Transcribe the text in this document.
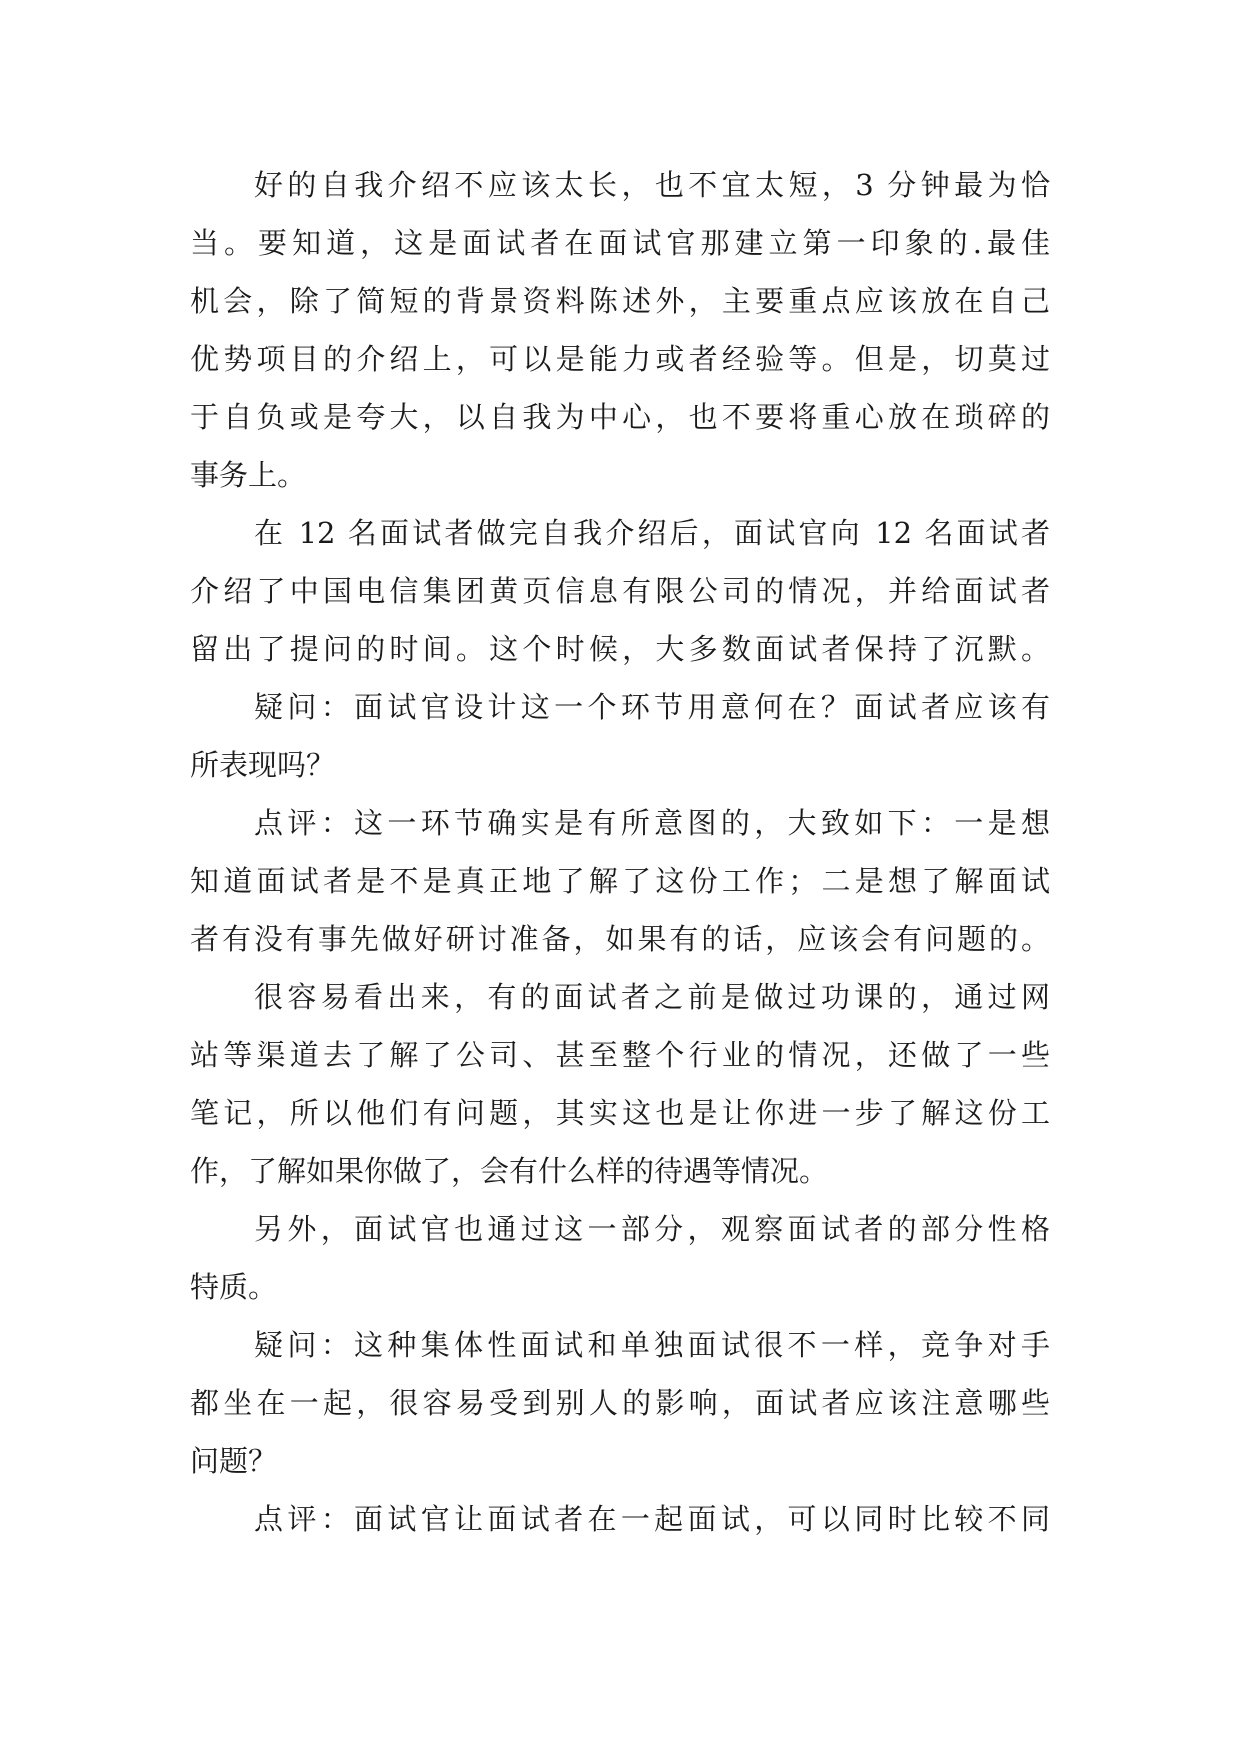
好的自我介绍不应该太长，也不宜太短，3 分钟最为恰
当。要知道，这是面试者在面试官那建立第一印象的.最佳
机会，除了简短的背景资料陈述外，主要重点应该放在自己
优势项目的介绍上，可以是能力或者经验等。但是，切莫过
于自负或是夸大，以自我为中心，也不要将重心放在琐碎的
事务上。
在 12 名面试者做完自我介绍后，面试官向 12 名面试者
介绍了中国电信集团黄页信息有限公司的情况，并给面试者
留出了提问的时间。这个时候，大多数面试者保持了沉默。
疑问：面试官设计这一个环节用意何在？面试者应该有
所表现吗？
点评：这一环节确实是有所意图的，大致如下：一是想
知道面试者是不是真正地了解了这份工作；二是想了解面试
者有没有事先做好研讨准备，如果有的话，应该会有问题的。
很容易看出来，有的面试者之前是做过功课的，通过网
站等渠道去了解了公司、甚至整个行业的情况，还做了一些
笔记，所以他们有问题，其实这也是让你进一步了解这份工
作，了解如果你做了，会有什么样的待遇等情况。
另外，面试官也通过这一部分，观察面试者的部分性格
特质。
疑问：这种集体性面试和单独面试很不一样，竞争对手
都坐在一起，很容易受到别人的影响，面试者应该注意哪些
问题？
点评：面试官让面试者在一起面试，可以同时比较不同
